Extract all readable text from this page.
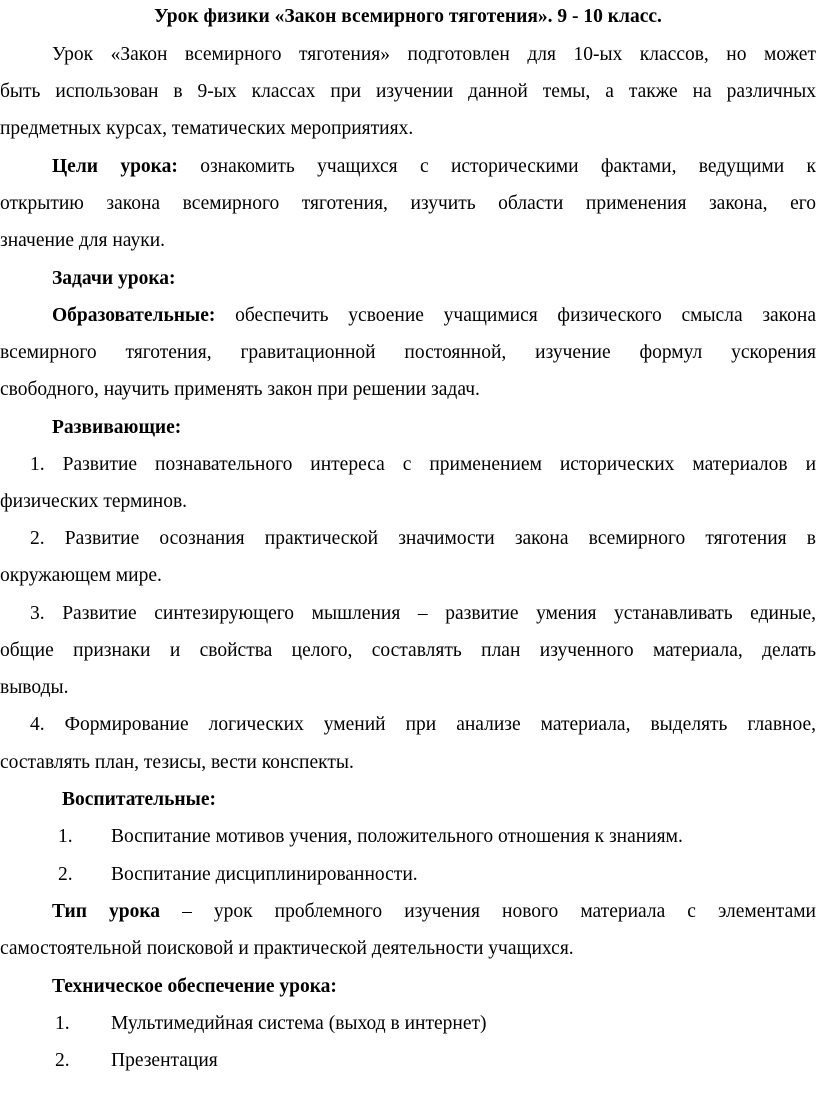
Урок физики «Закон всемирного тяготения». 9 - 10 класс.
Урок «Закон всемирного тяготения» подготовлен для 10-ых классов, но может
быть использован в 9-ых классах при изучении данной темы, а также на различных
предметных курсах, тематических мероприятиях.
Цели урока: ознакомить учащихся с историческими фактами, ведущими к
открытию закона всемирного тяготения, изучить области применения закона, его
значение для науки.
Задачи урока:
Образовательные: обеспечить усвоение учащимися физического смысла закона
всемирного тяготения, гравитационной постоянной, изучение формул ускорения
свободного, научить применять закон при решении задач.
Развивающие:
1. Развитие познавательного интереса с применением исторических материалов и
физических терминов.
2. Развитие осознания практической значимости закона всемирного тяготения в
окружающем мире.
3. Развитие синтезирующего мышления – развитие умения устанавливать единые,
общие признаки и свойства целого, составлять план изученного материала, делать
выводы.
4. Формирование логических умений при анализе материала, выделять главное,
составлять план, тезисы, вести конспекты.
Воспитательные:
1. Воспитание мотивов учения, положительного отношения к знаниям.
2. Воспитание дисциплинированности.
Тип урока – урок проблемного изучения нового материала с элементами
самостоятельной поисковой и практической деятельности учащихся.
Техническое обеспечение урока:
1. Мультимедийная система (выход в интернет)
2. Презентация
